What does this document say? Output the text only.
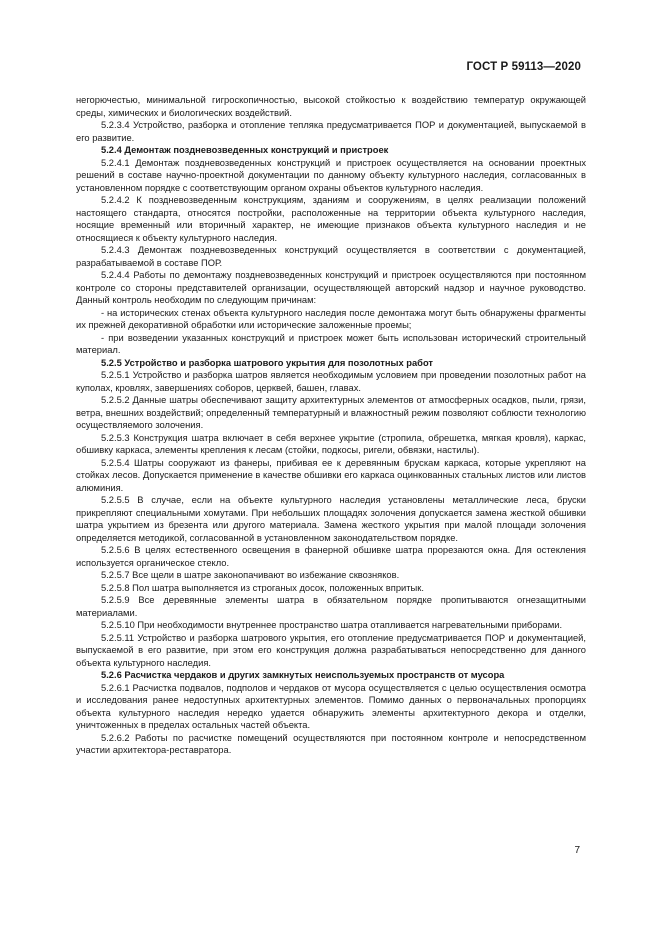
ГОСТ Р 59113—2020

негорючестью, минимальной гигроскопичностью, высокой стойкостью к воздействию температур окружающей среды, химических и биологических воздействий.

5.2.3.4 Устройство, разборка и отопление тепляка предусматривается ПОР и документацией, выпускаемой в его развитие.

5.2.4 Демонтаж поздневозведенных конструкций и пристроек

5.2.4.1 Демонтаж поздневозведенных конструкций и пристроек осуществляется на основании проектных решений в составе научно-проектной документации по данному объекту культурного наследия, согласованных в установленном порядке с соответствующим органом охраны объектов культурного наследия.

5.2.4.2 К поздневозведенным конструкциям, зданиям и сооружениям, в целях реализации положений настоящего стандарта, относятся постройки, расположенные на территории объекта культурного наследия, носящие временный или вторичный характер, не имеющие признаков объекта культурного наследия и не относящиеся к объекту культурного наследия.

5.2.4.3 Демонтаж поздневозведенных конструкций осуществляется в соответствии с документацией, разрабатываемой в составе ПОР.

5.2.4.4 Работы по демонтажу поздневозведенных конструкций и пристроек осуществляются при постоянном контроле со стороны представителей организации, осуществляющей авторский надзор и научное руководство. Данный контроль необходим по следующим причинам:

- на исторических стенах объекта культурного наследия после демонтажа могут быть обнаружены фрагменты их прежней декоративной обработки или исторические заложенные проемы;

- при возведении указанных конструкций и пристроек может быть использован исторический строительный материал.

5.2.5 Устройство и разборка шатрового укрытия для позолотных работ

5.2.5.1 Устройство и разборка шатров является необходимым условием при проведении позолотных работ на куполах, кровлях, завершениях соборов, церквей, башен, главах.

5.2.5.2 Данные шатры обеспечивают защиту архитектурных элементов от атмосферных осадков, пыли, грязи, ветра, внешних воздействий; определенный температурный и влажностный режим позволяют соблюсти технологию осуществляемого золочения.

5.2.5.3 Конструкция шатра включает в себя верхнее укрытие (стропила, обрешетка, мягкая кровля), каркас, обшивку каркаса, элементы крепления к лесам (стойки, подкосы, ригели, обвязки, настилы).

5.2.5.4 Шатры сооружают из фанеры, прибивая ее к деревянным брускам каркаса, которые укрепляют на стойках лесов. Допускается применение в качестве обшивки его каркаса оцинкованных стальных листов или листов алюминия.

5.2.5.5 В случае, если на объекте культурного наследия установлены металлические леса, бруски прикрепляют специальными хомутами. При небольших площадях золочения допускается замена жесткой обшивки шатра укрытием из брезента или другого материала. Замена жесткого укрытия при малой площади золочения определяется методикой, согласованной в установленном законодательством порядке.

5.2.5.6 В целях естественного освещения в фанерной обшивке шатра прорезаются окна. Для остекления используется органическое стекло.

5.2.5.7 Все щели в шатре законопачивают во избежание сквозняков.

5.2.5.8 Пол шатра выполняется из строганых досок, положенных впритык.

5.2.5.9 Все деревянные элементы шатра в обязательном порядке пропитываются огнезащитными материалами.

5.2.5.10 При необходимости внутреннее пространство шатра отапливается нагревательными приборами.

5.2.5.11 Устройство и разборка шатрового укрытия, его отопление предусматривается ПОР и документацией, выпускаемой в его развитие, при этом его конструкция должна разрабатываться непосредственно для данного объекта культурного наследия.

5.2.6 Расчистка чердаков и других замкнутых неиспользуемых пространств от мусора

5.2.6.1 Расчистка подвалов, подполов и чердаков от мусора осуществляется с целью осуществления осмотра и исследования ранее недоступных архитектурных элементов. Помимо данных о первоначальных пропорциях объекта культурного наследия нередко удается обнаружить элементы архитектурного декора и отделки, уничтоженных в пределах остальных частей объекта.

5.2.6.2 Работы по расчистке помещений осуществляются при постоянном контроле и непосредственном участии архитектора-реставратора.

7
